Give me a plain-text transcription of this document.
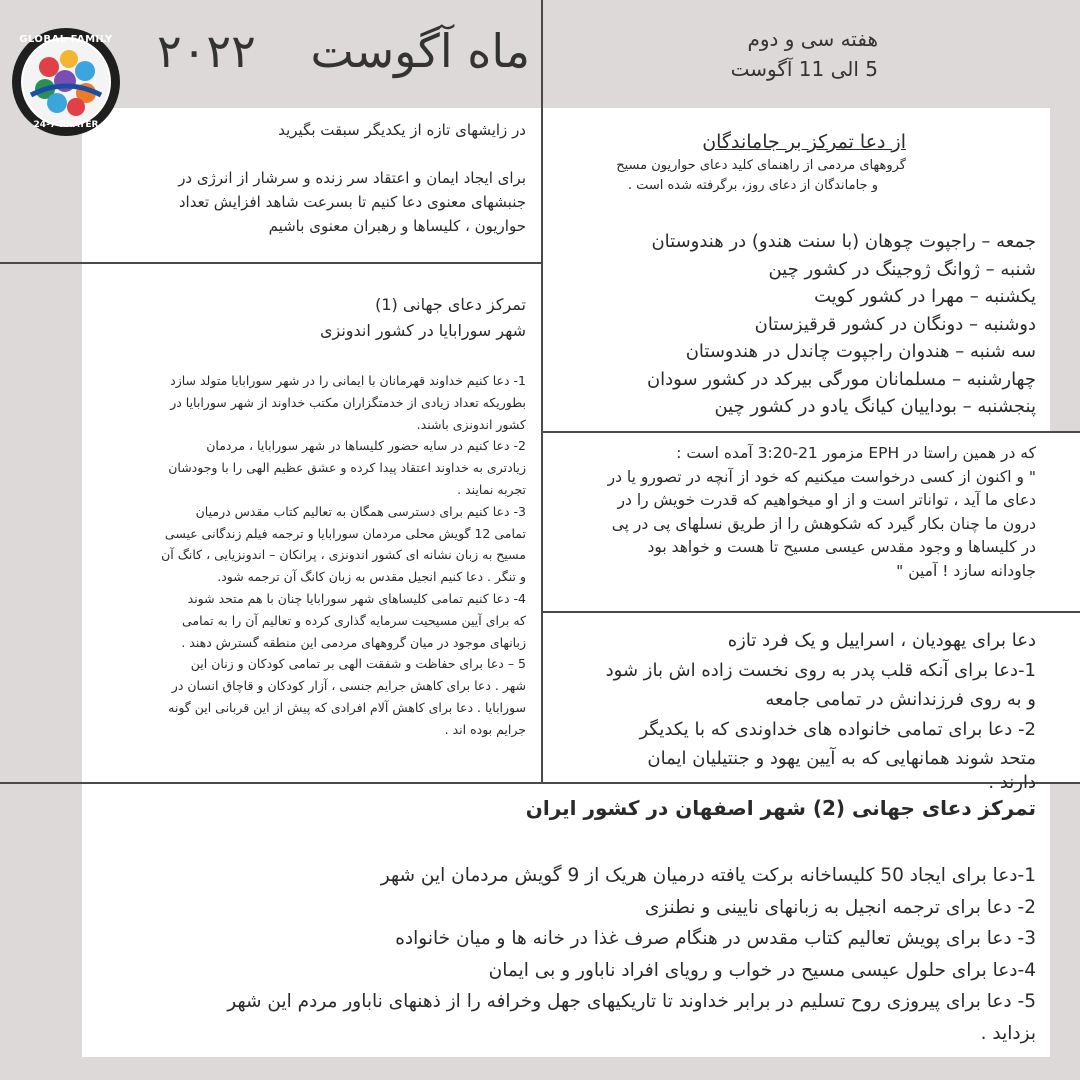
GLOBAL FAMILY
24-7 PRAYER
ماه آگوست ۲۰۲۲	هفته سی و دوم
5 الی 11 آگوست
در زایشهای تازه از یکدیگر سبقت بگیرید
برای ایجاد ایمان و اعتقاد سر زنده و سرشار از انرژی در
جنبشهای معنوی دعا کنیم تا بسرعت شاهد افزایش تعداد
حواریون ، کلیساها و رهبران معنوی باشیم
از دعا تمرکز بر جاماندگان
گروههای مردمی از راهنمای کلید دعای حواریون مسیح
و جاماندگان از دعای روز، برگرفته شده است .
جمعه – راجپوت چوهان (با سنت هندو) در هندوستان
شنبه – ژوانگ ژوجینگ در کشور چین
یکشنبه – مهرا در کشور کویت
دوشنبه – دونگان در کشور قرقیزستان
سه شنبه – هندوان راجپوت چاندل در هندوستان
چهارشنبه – مسلمانان مورگی بیرکد در کشور سودان
پنجشنبه – بوداییان کیانگ یادو در کشور چین
تمرکز دعای جهانی (1)
شهر سورابایا در کشور اندونزی
1- دعا کنیم خداوند قهرمانان با ایمانی را در شهر سورابایا متولد سازد
بطوریکه تعداد زیادی از خدمتگزاران مکتب خداوند از شهر سورابایا در
کشور اندونزی باشند.
2- دعا کنیم در سایه حضور کلیساها در شهر سورابایا ، مردمان
زیادتری به خداوند اعتقاد پیدا کرده و عشق عظیم الهی را با وجودشان
تجربه نمایند .
3- دعا کنیم برای دسترسی همگان به تعالیم کتاب مقدس درمیان
تمامی 12 گویش محلی مردمان سورابایا و ترجمه فیلم زندگانی عیسی
مسیح به زبان نشانه ای کشور اندونزی ، پرانکان – اندونزیایی ، کانگ آن
و تنگر . دعا کنیم انجیل مقدس به زبان کانگ آن ترجمه شود.
4- دعا کنیم تمامی کلیساهای شهر سورابایا چنان با هم متحد شوند
که برای آیین مسیحیت سرمایه گذاری کرده و تعالیم آن را به تمامی
زبانهای موجود در میان گروههای مردمی این منطقه گسترش دهند .
5 – دعا برای حفاظت و شفقت الهی بر تمامی کودکان و زنان این
شهر . دعا برای کاهش جرایم جنسی ، آزار کودکان و قاچاق انسان در
سورابایا . دعا برای کاهش آلام افرادی که پیش از این قربانی این گونه
جرایم بوده اند .
که در همین راستا در EPH مزمور 21-3:20 آمده است :
" و اکنون از کسی درخواست میکنیم که خود از آنچه در تصورو یا در
دعای ما آید ، تواناتر است و از او میخواهیم که قدرت خویش را در
درون ما چنان بکار گیرد که شکوهش را از طریق نسلهای پی در پی
در کلیساها و وجود مقدس عیسی مسیح تا هست و خواهد بود
جاودانه سازد ! آمین "
دعا برای یهودیان ، اسراییل و یک فرد تازه
1-دعا برای آنکه قلب پدر به روی نخست زاده اش باز شود
و به روی فرزندانش در تمامی جامعه
2- دعا برای تمامی خانواده های خداوندی که با یکدیگر
متحد شوند همانهایی که به آیین یهود و جنتیلیان ایمان
دارند .
تمرکز دعای جهانی (2) شهر اصفهان در کشور ایران
1-دعا برای ایجاد 50 کلیساخانه برکت یافته درمیان هریک از 9 گویش مردمان این شهر
2- دعا برای ترجمه انجیل به زبانهای نایینی و نطنزی
3- دعا برای پویش تعالیم کتاب مقدس در هنگام صرف غذا در خانه ها و میان خانواده
4-دعا برای حلول عیسی مسیح در خواب و رویای افراد ناباور و بی ایمان
5- دعا برای پیروزی روح تسلیم در برابر خداوند تا تاریکیهای جهل وخرافه را از ذهنهای ناباور مردم این شهر
بزداید .
